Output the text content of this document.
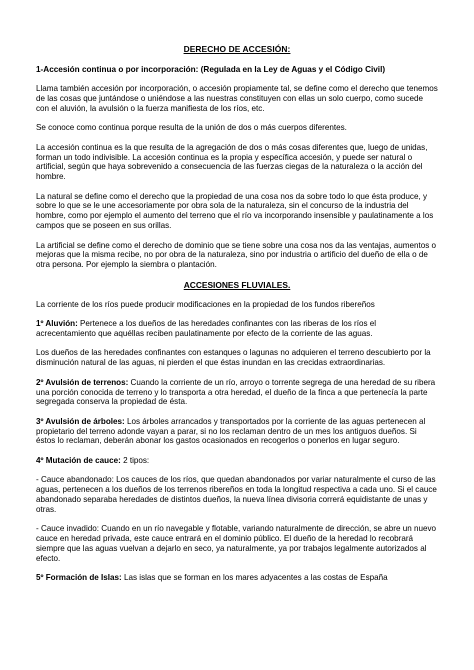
DERECHO DE ACCESIÓN:
1-Accesión continua o por incorporación: (Regulada en la Ley de Aguas y el Código Civil)

Llama también accesión por incorporación, o accesión propiamente tal, se define como el derecho que tenemos de las cosas que juntándose o uniéndose a las nuestras constituyen con ellas un solo cuerpo, como sucede con el aluvión, la avulsión o la fuerza manifiesta de los ríos, etc.

Se conoce como continua porque resulta de la unión de dos o más cuerpos diferentes.

La accesión continua es la que resulta de la agregación de dos o más cosas diferentes que, luego de unidas, forman un todo indivisible. La accesión continua es la propia y específica accesión, y puede ser natural o artificial, según que haya sobrevenido a consecuencia de las fuerzas ciegas de la naturaleza o la acción del hombre.

La natural se define como el derecho que la propiedad de una cosa nos da sobre todo lo que ésta produce, y sobre lo que se le une accesoriamente por obra sola de la naturaleza, sin el concurso de la industria del hombre, como por ejemplo el aumento del terreno que el río va incorporando insensible y paulatinamente a los campos que se poseen en sus orillas.

La artificial se define como el derecho de dominio que se tiene sobre una cosa nos da las ventajas, aumentos o mejoras que la misma recibe, no por obra de la naturaleza, sino por industria o artificio del dueño de ella o de otra persona. Por ejemplo la siembra o plantación.

ACCESIONES FLUVIALES.

La corriente de los ríos puede producir modificaciones en la propiedad de los fundos ribereños

1º Aluvión: Pertenece a los dueños de las heredades confinantes con las riberas de los ríos el acrecentamiento que aquéllas reciben paulatinamente por efecto de la corriente de las aguas.

Los dueños de las heredades confinantes con estanques o lagunas no adquieren el terreno descubierto por la disminución natural de las aguas, ni pierden el que éstas inundan en las crecidas extraordinarias.

2º Avulsión de terrenos: Cuando la corriente de un río, arroyo o torrente segrega de una heredad de su ribera una porción conocida de terreno y lo transporta a otra heredad, el dueño de la finca a que pertenecía la parte segregada conserva la propiedad de ésta.

3º Avulsión de árboles: Los árboles arrancados y transportados por la corriente de las aguas pertenecen al propietario del terreno adonde vayan a parar, si no los reclaman dentro de un mes los antiguos dueños. Si éstos lo reclaman, deberán abonar los gastos ocasionados en recogerlos o ponerlos en lugar seguro.

4º Mutación de cauce: 2 tipos:

- Cauce abandonado: Los cauces de los ríos, que quedan abandonados por variar naturalmente el curso de las aguas, pertenecen a los dueños de los terrenos ribereños en toda la longitud respectiva a cada uno. Si el cauce abandonado separaba heredades de distintos dueños, la nueva línea divisoria correrá equidistante de unas y otras.

- Cauce invadido: Cuando en un río navegable y flotable, variando naturalmente de dirección, se abre un nuevo cauce en heredad privada, este cauce entrará en el dominio público. El dueño de la heredad lo recobrará siempre que las aguas vuelvan a dejarlo en seco, ya naturalmente, ya por trabajos legalmente autorizados al efecto.

5º Formación de Islas: Las islas que se forman en los mares adyacentes a las costas de España
